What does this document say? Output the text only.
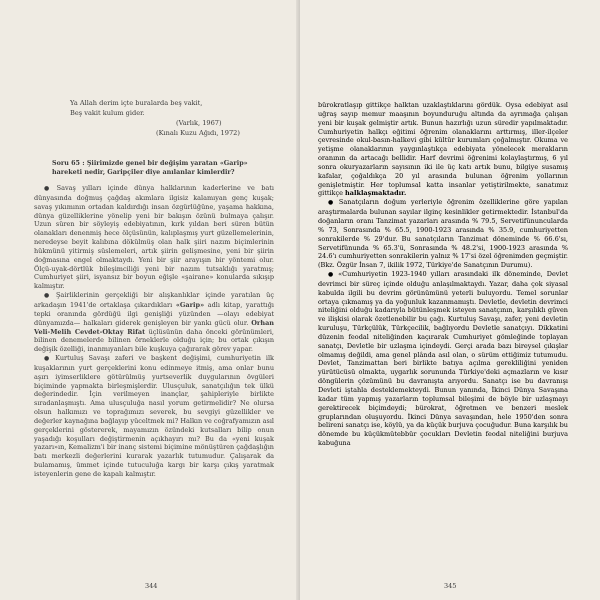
Ya Allah derim içte buralarda beş vakit,

Beş vakit kulum gider.

(Varlık, 1967)

(Kınalı Kuzu Ağıdı, 1972)

Soru 65 : Şiirimizde genel bir değişim yaratan «Garip» hareketi nedir, Garipçiler diye anılanlar kimlerdir?

● Savaş yılları içinde dünya halklarının kaderlerine ve batı dünyasında doğmuş çağdaş akımlara ilgisiz kalamıyan genç kuşak; savaş yıkımının ortadan kaldırdığı insan özgürlüğüne, yaşama hakkına, dünya güzelliklerine yönelip yeni bir bakışın özünü bulmaya çalışır. Uzun süren bir söyleyiş edebiyatının, kırk yıldan beri süren bütün olanakları denenmiş hece ölçüsünün, kalıplaşmış yurt güzellemelerinin, neredeyse beyit kalıbına dökülmüş olan halk şiiri nazım biçimlerinin hükmünü yitirmiş süslemeleri, artık şiirin gelişmesine, yeni bir şiirin doğmasına engel olmaktaydı. Yeni bir şiir arayışın bir yöntemi olur. Ölçü-uyak-dörtlük bileşimciliği yeni bir nazım tutsaklığı yaratmış; Cumhuriyet şiiri, isyansız bir boyun eğişle «şairane» konularda sıkışıp kalmıştır.

● Şairliklerinin gerçekliği bir alışkanlıklar içinde yaratılan üç arkadaşın 1941'de ortaklaşa çıkardıkları «Garip» adlı kitap, yarattığı tepki oranında gördüğü ilgi genişliği yüzünden —olayı edebiyat dünyamızda— halkaları giderek genişleyen bir yankı gücü olur. Orhan Veli-Melih Cevdet-Oktay Rifat üçlüsünün daha önceki görünümleri, bilinen denemelerde bilinen örneklerle olduğu için; bu ortak çıkışın değişik özelliği, inanmıyanları bile kuşkuya çağırarak görev yapar.

● Kurtuluş Savaşı zaferi ve başkent değişimi, cumhuriyetin ilk kuşaklarının yurt gerçeklerini konu edinmeye itmiş, ama onlar bunu aşırı iyimserliklere götürülmüş yurtseverlik duygularının övgüleri biçiminde yapmakta birleşmişlerdir. Ulusçuluk, sanatçılığın tek ülkü değerindedir. İçin verilmeyen inançlar, şahipleriyle birlikte sıradanlaşmıştı. Ama ulusçuluğa nasıl yorum getirmelidir? Ne olursa olsun halkımızı ve toprağımızı severek, bu sevgiyi güzellikler ve değerler kaynağına bağlayıp yüceltmek mi? Halkın ve coğrafyamızın asıl gerçeklerini göstererek, mayamızın özündeki kutsalları bilip onun yaşadığı koşulları değiştirmenin açıkhayırı mı? Bu da «yeni kuşak yazarı»ın, Kemalizm'i bir inanç sistemi biçimine mönüştüren çağdaşlığın batı merkezli değerlerini kurarak yazarlık tutumudur. Çalışarak da bulamamış, ümmet içinde tutuculuğa kargı bir karşı çıkış yaratmak isteyenlerin gene de kapalı kalmıştır.

344	345

bürokratlaşıp gittikçe halktan uzaklaştıklarını gördük. Oysa edebiyat asıl uğraş sayıp memur maaşının boyunduruğu altında da ayrımağa çalışan yeni bir kuşak gelmiştir artık. Bunun hazırlığı uzun süredir yapılmaktadır. Cumhuriyetin halkçı eğitimi öğrenim olanaklarını arttırmış, iller-ilçeler çevresinde okul-basın-halkevi gibi kültür kurumları çoğalmıştır. Okuma ve yetişme olanaklarının yaygınlaştıkça edebiyata yönelecek merakların oranının da artacağı bellidir. Harf devrimi öğrenimi kolaylaştırmış, 6 yıl sonra okuryazarların sayısının iki ile üç katı artık bunu, bilgiye susamış kafalar, çoğaldıkça 20 yıl arasında bulunan öğrenim yollarının genişletmiştir. Her toplumsal katta insanlar yetiştirilmekte, sanatımız gittikçe halklaşmaktadır.

● Sanatçıların doğum yerleriyle öğrenim özelliklerine göre yapılan araştırmalarda bulunan sayılar ilginç kesinlikler getirmektedir. İstanbul'da doğanların oranı Tanzimat yazarları arasında % 79.5, Servetifünuncularda % 73, Sonrasında % 65.5, 1900-1923 arasında % 35.9, cumhuriyetten sonrakilerde % 29'dur. Bu sanatçıların Tanzimat döneminde % 66.6'sı, Servetifünunda % 65.3'ü, Sonrasında % 48.2'si, 1900-1923 arasında % 24.6'ı cumhuriyetten sonrakilerin yalnız % 17'si özel öğrenimden geçmiştir. (Bkz. Özgür İnsan 7, ikilik 1972, Türkiye'de Sanatçının Durumu).

● «Cumhuriyetin 1923-1940 yılları arasındaki ilk döneminde, Devlet devrimci bir süreç içinde olduğu anlaşılmaktaydı. Yazar, daha çok siyasal kabulda ilgili bu devrim görünümünü yeterli buluyordu. Temel sorunlar ortaya çıkmamış ya da yoğunluk kazanmamıştı. Devletle, devletin devrimci niteliğini olduğu kadarıyla bütünleşmek isteyen sanatçının, karşılıklı güven ve ilişkisi olarak özetlenebilir bu çağı. Kurtuluş Savaşı, zafer, yeni devletin kuruluşu, Türkçülük, Türkçecilik, bağlıyordu Devletle sanatçıyı. Dikkatini düzenin feodal niteliğinden kaçırarak Cumhuriyet gömleğinde toplayan sanatçı, Devletle bir uzlaşma içindeydi. Gerçi arada bazı bireysel çıkışlar olmamış değildi, ama genel plânda asıl olan, o sürüm ettiğimiz tutumudu. Devlet, Tanzimattan beri birlikte batıya açılma gerekliliğini yeniden yürütücüsü olmakta, uygarlık sorununda Türkiye'deki açmazların ve kısır döngülerin çözümünü bu davranışta arıyordu. Sanatçı ise bu davranışı Devleti iştahla desteklemekteydi. Bunun yanında, İkinci Dünya Savaşına kadar tüm yapmış yazarların toplumsal bileşimi de böyle bir uzlaşmayı gerektirecek biçimdeydi; bürokrat, öğretmen ve benzeri meslek gruplarından oluşuyordu. İkinci Dünya savaşından, hele 1950'den sonra belireni sanatçı ise, köylü, ya da küçük burjuva çocuğudur. Buna karşılık bu dönemde bu küçükmütebbür çocukları Devletin feodal niteliğini burjuva kabuğuna
